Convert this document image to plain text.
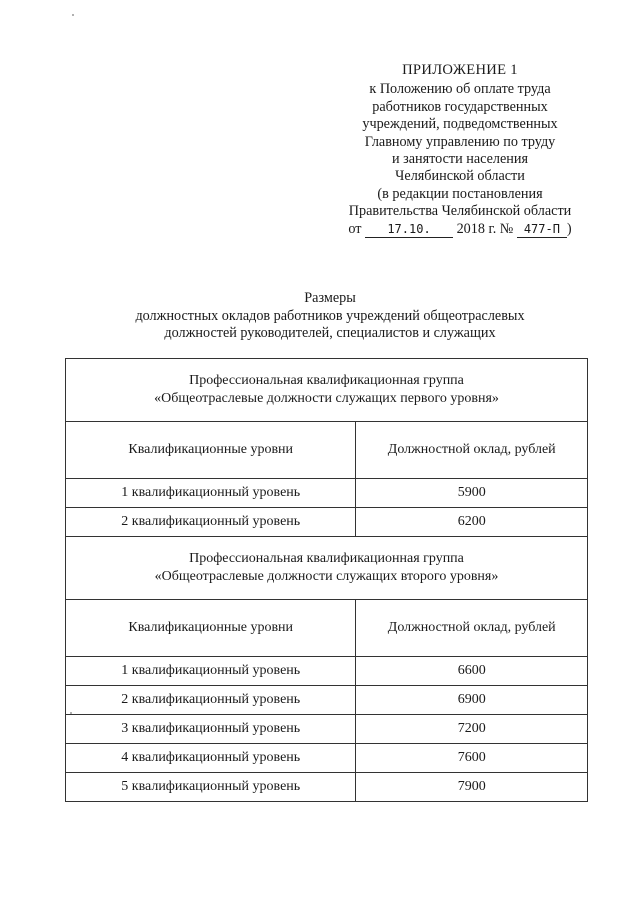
ПРИЛОЖЕНИЕ 1
к Положению об оплате труда
работников государственных
учреждений, подведомственных
Главному управлению по труду
и занятости населения
Челябинской области
(в редакции постановления
Правительства Челябинской области
от 17.10. 2018 г. № 477-П )
Размеры
должностных окладов работников учреждений общеотраслевых
должностей руководителей, специалистов и служащих
Профессиональная квалификационная группа
«Общеотраслевые должности служащих первого уровня»	

Квалификационные уровни	Должностной оклад, рублей
1 квалификационный уровень	5900
2 квалификационный уровень	6200

Профессиональная квалификационная группа
«Общеотраслевые должности служащих второго уровня»	

Квалификационные уровни	Должностной оклад, рублей
1 квалификационный уровень	6600
2 квалификационный уровень	6900
3 квалификационный уровень	7200
4 квалификационный уровень	7600
5 квалификационный уровень	7900
